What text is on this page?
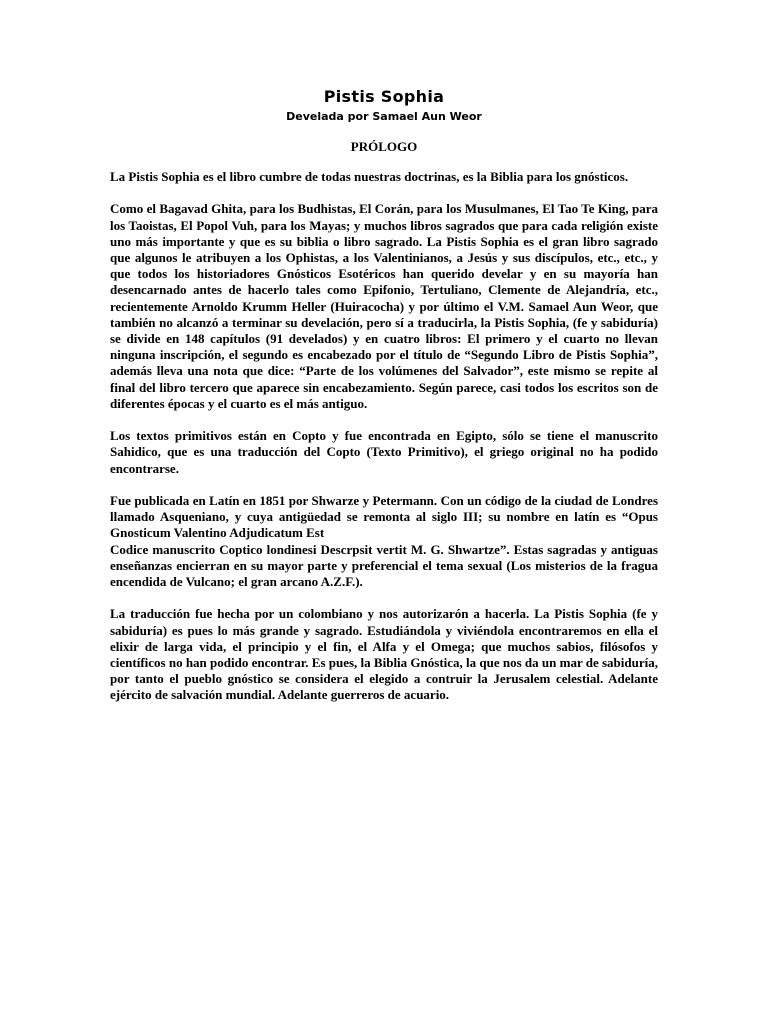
Pistis Sophia
Develada por Samael Aun Weor
PRÓLOGO

La Pistis Sophia es el libro cumbre de todas nuestras doctrinas, es la Biblia para los gnósticos.

Como el Bagavad Ghita, para los Budhistas, El Corán, para los Musulmanes, El Tao Te King, para los Taoistas, El Popol Vuh, para los Mayas; y muchos libros sagrados que para cada religión existe uno más importante y que es su biblia o libro sagrado. La Pistis Sophia es el gran libro sagrado que algunos le atribuyen a los Ophistas, a los Valentinianos, a Jesús y sus discípulos, etc., etc., y que todos los historiadores Gnósticos Esotéricos han querido develar y en su mayoría han desencarnado antes de hacerlo tales como Epifonio, Tertuliano, Clemente de Alejandría, etc., recientemente Arnoldo Krumm Heller (Huiracocha) y por último el V.M. Samael Aun Weor, que también no alcanzó a terminar su develación, pero sí a traducirla, la Pistis Sophia, (fe y sabiduría) se divide en 148 capítulos (91 develados) y en cuatro libros: El primero y el cuarto no llevan ninguna inscripción, el segundo es encabezado por el título de “Segundo Libro de Pistis Sophia”, además lleva una nota que dice: “Parte de los volúmenes del Salvador”, este mismo se repite al final del libro tercero que aparece sin encabezamiento. Según parece, casi todos los escritos son de diferentes épocas y el cuarto es el más antiguo.

Los textos primitivos están en Copto y fue encontrada en Egipto, sólo se tiene el manuscrito Sahidico, que es una traducción del Copto (Texto Primitivo), el griego original no ha podido encontrarse.

Fue publicada en Latín en 1851 por Shwarze y Petermann. Con un código de la ciudad de Londres llamado Asqueniano, y cuya antigüedad se remonta al siglo III; su nombre en latín es “Opus Gnosticum Valentino Adjudicatum Est
Codice manuscrito Coptico londinesi Descrpsit vertit M. G. Shwartze”. Estas sagradas y antiguas enseñanzas encierran en su mayor parte y preferencial el tema sexual (Los misterios de la fragua encendida de Vulcano; el gran arcano A.Z.F.).

La traducción fue hecha por un colombiano y nos autorizarón a hacerla. La Pistis Sophia (fe y sabiduría) es pues lo más grande y sagrado. Estudiándola y viviéndola encontraremos en ella el elixir de larga vida, el principio y el fin, el Alfa y el Omega; que muchos sabios, filósofos y científicos no han podido encontrar. Es pues, la Biblia Gnóstica, la que nos da un mar de sabiduría, por tanto el pueblo gnóstico se considera el elegido a contruir la Jerusalem celestial. Adelante ejército de salvación mundial. Adelante guerreros de acuario.
